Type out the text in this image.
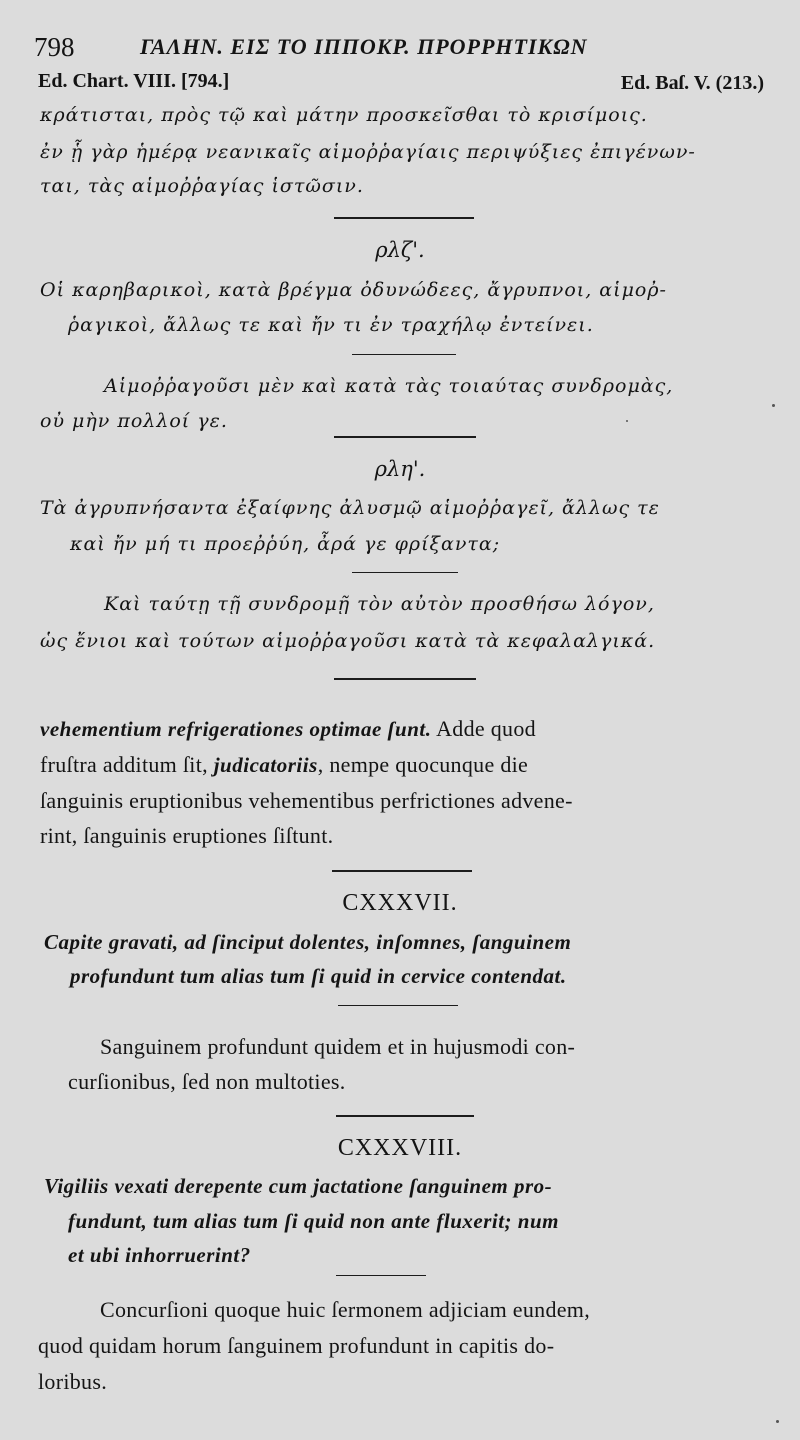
798	ΓΑΛΗΝ. ΕΙΣ ΤΟ ΙΠΠΟΚΡ. ΠΡΟΡΡΗΤΙΚΩΝ
Ed. Chart. VIII. [794.]	Ed. Baſ. V. (213.)
κράτισται, πρὸς τῷ καὶ μάτην προσκεῖσθαι τὸ κρισίμοις.
ἐν ᾗ γὰρ ἡμέρᾳ νεανικαῖς αἱμοῤῥαγίαις περιψύξιες ἐπιγένων-
ται, τὰς αἱμοῤῥαγίας ἱστῶσιν.
ρλζ'.
Οἱ καρηβαρικοὶ, κατὰ βρέγμα ὀδυνώδεες, ἄγρυπνοι, αἱμοῤ-
ῥαγικοὶ, ἄλλως τε καὶ ἤν τι ἐν τραχήλῳ ἐντείνει.
Αἱμοῤῥαγοῦσι μὲν καὶ κατὰ τὰς τοιαύτας συνδρομὰς,
οὐ μὴν πολλοί γε.
ρλη'.
Τὰ ἀγρυπνήσαντα ἐξαίφνης ἀλυσμῷ αἱμοῤῥαγεῖ, ἄλλως τε
καὶ ἤν μή τι προεῤῥύη, ἆρά γε φρίξαντα;
Καὶ ταύτῃ τῇ συνδρομῇ τὸν αὐτὸν προσθήσω λόγον,
ὡς ἔνιοι καὶ τούτων αἱμοῤῥαγοῦσι κατὰ τὰ κεφαλαλγικά.
vehementium refrigerationes optimae ſunt. Adde quod
fruſtra additum ſit, judicatoriis, nempe quocunque die
ſanguinis eruptionibus vehementibus perfrictiones advene-
rint, ſanguinis eruptiones ſiſtunt.
CXXXVII.
Capite gravati, ad ſinciput dolentes, inſomnes, ſanguinem
profundunt tum alias tum ſi quid in cervice contendat.
Sanguinem profundunt quidem et in hujusmodi con-
curſionibus, ſed non multoties.
CXXXVIII.
Vigiliis vexati derepente cum jactatione ſanguinem pro-
fundunt, tum alias tum ſi quid non ante fluxerit; num
et ubi inhorruerint?
Concurſioni quoque huic ſermonem adjiciam eundem,
quod quidam horum ſanguinem profundunt in capitis do-
loribus.
